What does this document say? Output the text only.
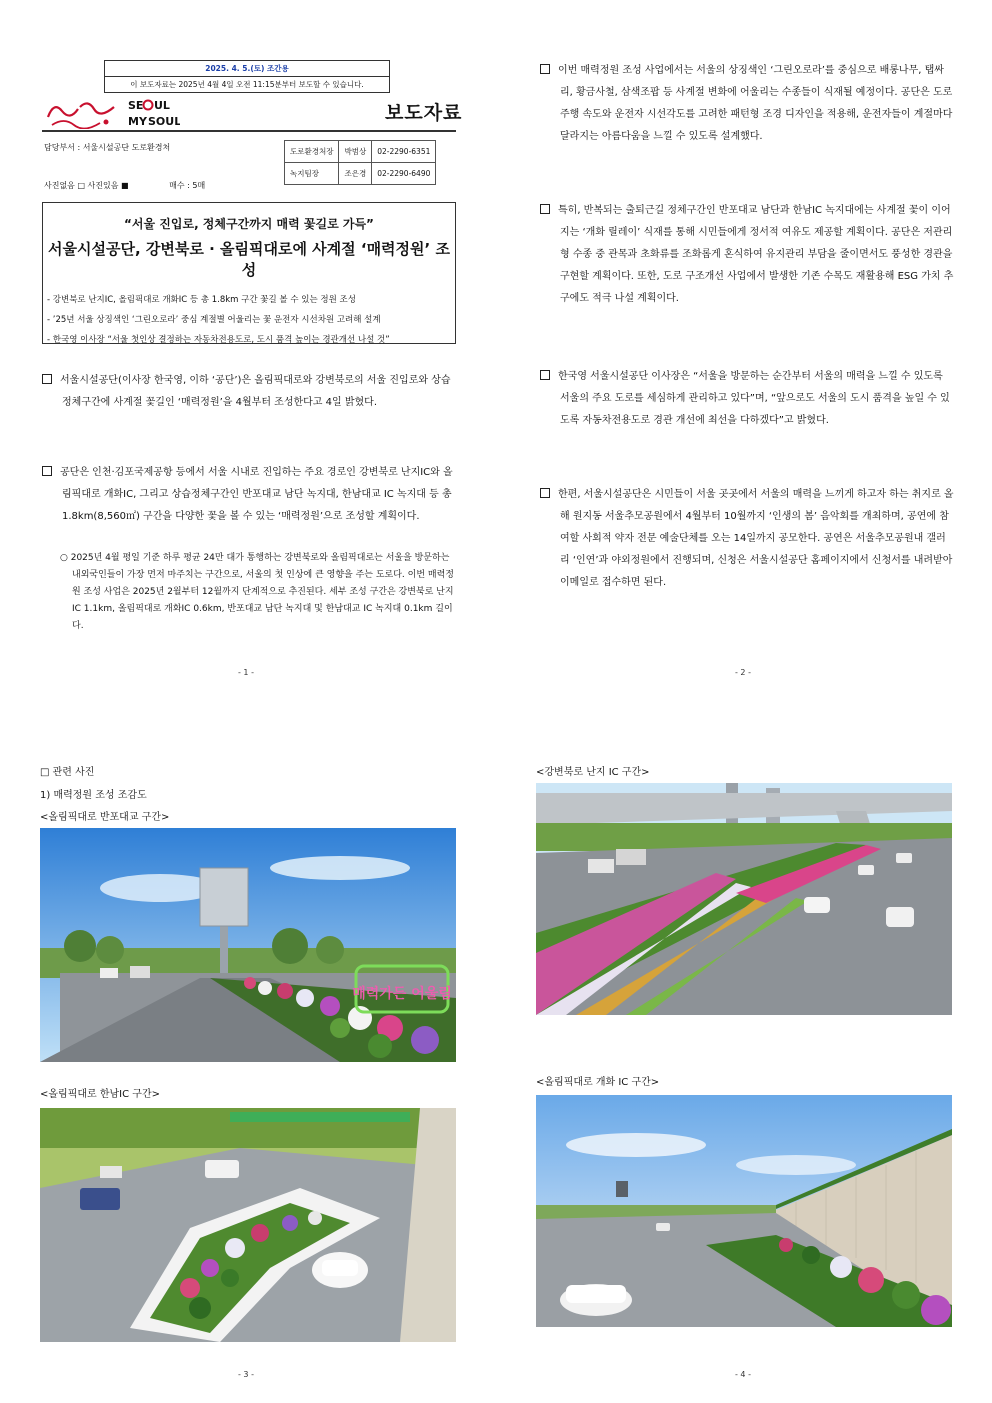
2025. 4. 5.(토) 조간용
이 보도자료는 2025년 4월 4일 오전 11:15분부터 보도할 수 있습니다.
SE UL
MY SOUL	보도자료
담당부서 : 서울시설공단 도로환경처
사진없음 □ 사진있음 ■	매수 : 5매
도로환경처장	박범상	02-2290-6351
녹지팀장	조은경	02-2290-6490
“서울 진입로, 정체구간까지 매력 꽃길로 가득”
서울시설공단, 강변북로 · 올림픽대로에 사계절 ‘매력정원’ 조성
- 강변북로 난지IC, 올림픽대로 개화IC 등 총 1.8km 구간 꽃길 볼 수 있는 정원 조성
- ’25년 서울 상징색인 ‘그린오로라’ 중심 계절별 어울리는 꽃 운전자 시선차원 고려해 설계
- 한국영 이사장 “서울 첫인상 결정하는 자동차전용도로, 도시 품격 높이는 경관개선 나설 것”
서울시설공단(이사장 한국영, 이하 ‘공단’)은 올림픽대로와 강변북로의 서울 진입로와 상습 정체구간에 사계절 꽃길인 ‘매력정원’을 4월부터 조성한다고 4일 밝혔다.
공단은 인천·김포국제공항 등에서 서울 시내로 진입하는 주요 경로인 강변북로 난지IC와 올림픽대로 개화IC, 그리고 상습정체구간인 반포대교 남단 녹지대, 한남대교 IC 녹지대 등 총 1.8km(8,560㎡) 구간을 다양한 꽃을 볼 수 있는 ‘매력정원’으로 조성할 계획이다.
○ 2025년 4월 평일 기준 하루 평균 24만 대가 통행하는 강변북로와 올림픽대로는 서울을 방문하는 내외국인들이 가장 먼저 마주치는 구간으로, 서울의 첫 인상에 큰 영향을 주는 도로다. 이번 매력정원 조성 사업은 2025년 2월부터 12월까지 단계적으로 추진된다. 세부 조성 구간은 강변북로 난지 IC 1.1km, 올림픽대로 개화IC 0.6km, 반포대교 남단 녹지대 및 한남대교 IC 녹지대 0.1km 길이다.
- 1 -
이번 매력정원 조성 사업에서는 서울의 상징색인 ‘그린오로라’를 중심으로 배롱나무, 탭싸리, 황금사철, 삼색조팝 등 사계절 변화에 어울리는 수종들이 식재될 예정이다. 공단은 도로 주행 속도와 운전자 시선각도를 고려한 패턴형 조경 디자인을 적용해, 운전자들이 계절마다 달라지는 아름다움을 느낄 수 있도록 설계했다.
특히, 반복되는 출퇴근길 정체구간인 반포대교 남단과 한남IC 녹지대에는 사계절 꽃이 이어지는 ‘개화 릴레이’ 식재를 통해 시민들에게 정서적 여유도 제공할 계획이다. 공단은 저관리형 수종 중 관목과 초화류를 조화롭게 혼식하여 유지관리 부담을 줄이면서도 풍성한 경관을 구현할 계획이다. 또한, 도로 구조개선 사업에서 발생한 기존 수목도 재활용해 ESG 가치 추구에도 적극 나설 계획이다.
한국영 서울시설공단 이사장은 “서울을 방문하는 순간부터 서울의 매력을 느낄 수 있도록 서울의 주요 도로를 세심하게 관리하고 있다”며, “앞으로도 서울의 도시 품격을 높일 수 있도록 자동차전용도로 경관 개선에 최선을 다하겠다”고 밝혔다.
한편, 서울시설공단은 시민들이 서울 곳곳에서 서울의 매력을 느끼게 하고자 하는 취지로 올해 원지동 서울추모공원에서 4월부터 10월까지 ‘인생의 봄’ 음악회를 개최하며, 공연에 참여할 사회적 약자 전문 예술단체를 오는 14일까지 공모한다. 공연은 서울추모공원내 갤러리 ‘인연’과 야외정원에서 진행되며, 신청은 서울시설공단 홈페이지에서 신청서를 내려받아 이메일로 접수하면 된다.
- 2 -
□ 관련 사진
1) 매력정원 조성 조감도
<올림픽대로 반포대교 구간>
매력가든 어울림
<올림픽대로 한남IC 구간>
- 3 -
<강변북로 난지 IC 구간>
<올림픽대로 개화 IC 구간>
- 4 -
